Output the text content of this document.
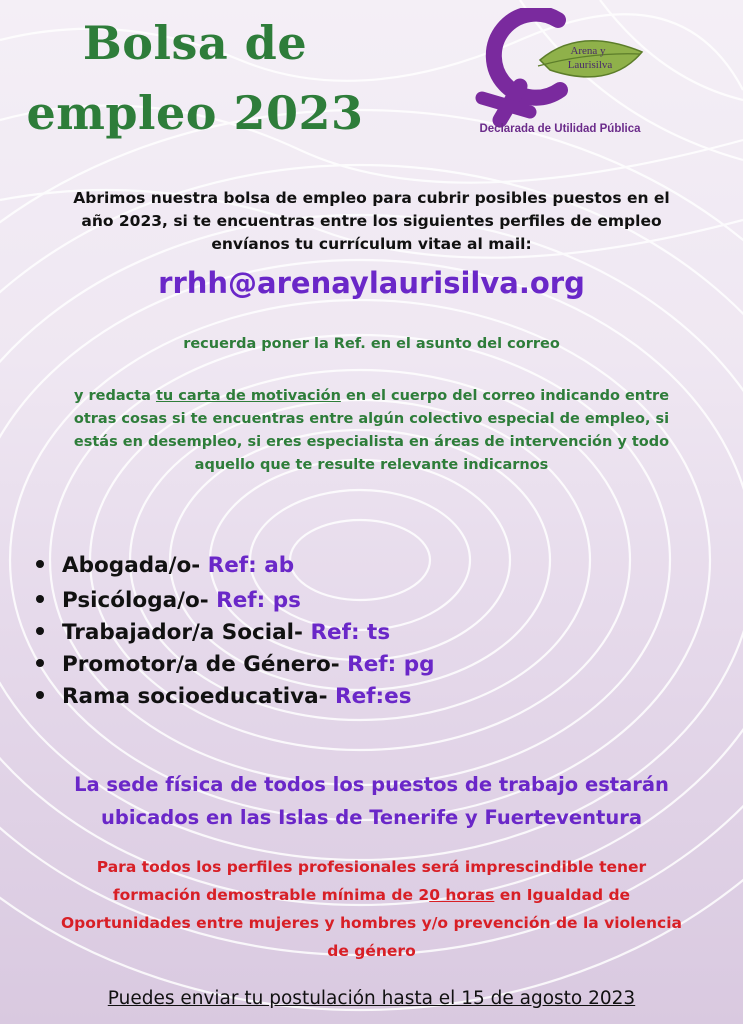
Bolsa de
empleo 2023
Arena y
Laurisilva
Declarada de Utilidad Pública
Abrimos nuestra bolsa de empleo para cubrir posibles puestos en el
año 2023, si te encuentras entre los siguientes perfiles de empleo
envíanos tu currículum vitae al mail:
rrhh@arenaylaurisilva.org
recuerda poner la Ref. en el asunto del correo
y redacta tu carta de motivación en el cuerpo del correo indicando entre
otras cosas si te encuentras entre algún colectivo especial de empleo, si
estás en desempleo, si eres especialista en áreas de intervención y todo
aquello que te resulte relevante indicarnos
Abogada/o- Ref: ab
Psicóloga/o- Ref: ps
Trabajador/a Social- Ref: ts
Promotor/a de Género- Ref: pg
Rama socioeducativa- Ref:es
La sede física de todos los puestos de trabajo estarán
ubicados en las Islas de Tenerife y Fuerteventura
Para todos los perfiles profesionales será imprescindible tener
formación demostrable mínima de 20 horas en Igualdad de
Oportunidades entre mujeres y hombres y/o prevención de la violencia
de género
Puedes enviar tu postulación hasta el 15 de agosto 2023
